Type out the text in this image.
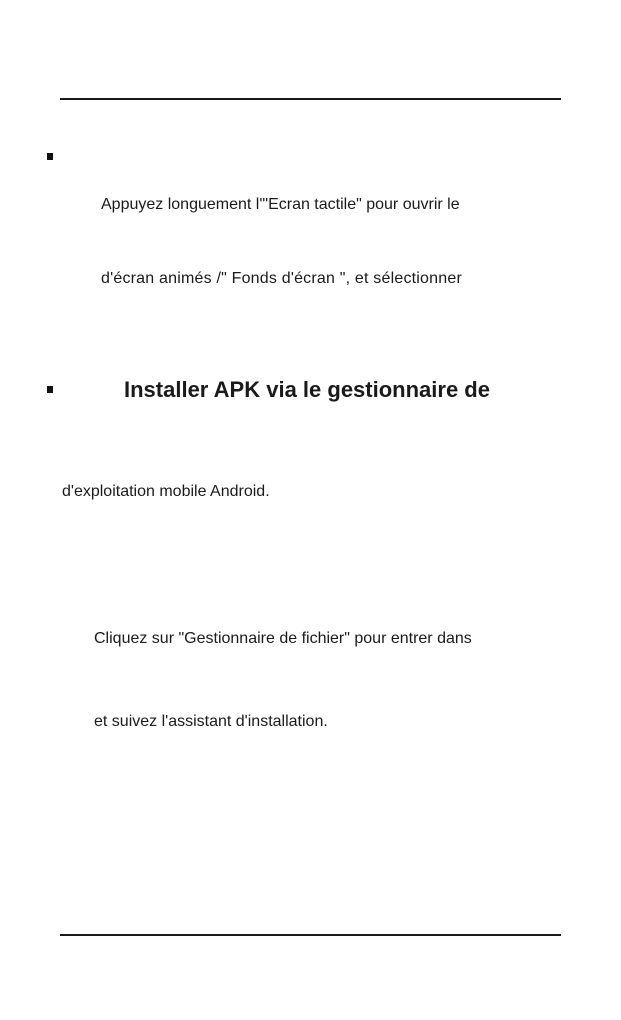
Appuyez longuement l'"Ecran tactile" pour ouvrir le
d'écran animés /" Fonds d'écran ", et sélectionner
Installer APK via le gestionnaire de
d'exploitation mobile Android.
Cliquez sur "Gestionnaire de fichier" pour entrer dans
et suivez l'assistant d'installation.
